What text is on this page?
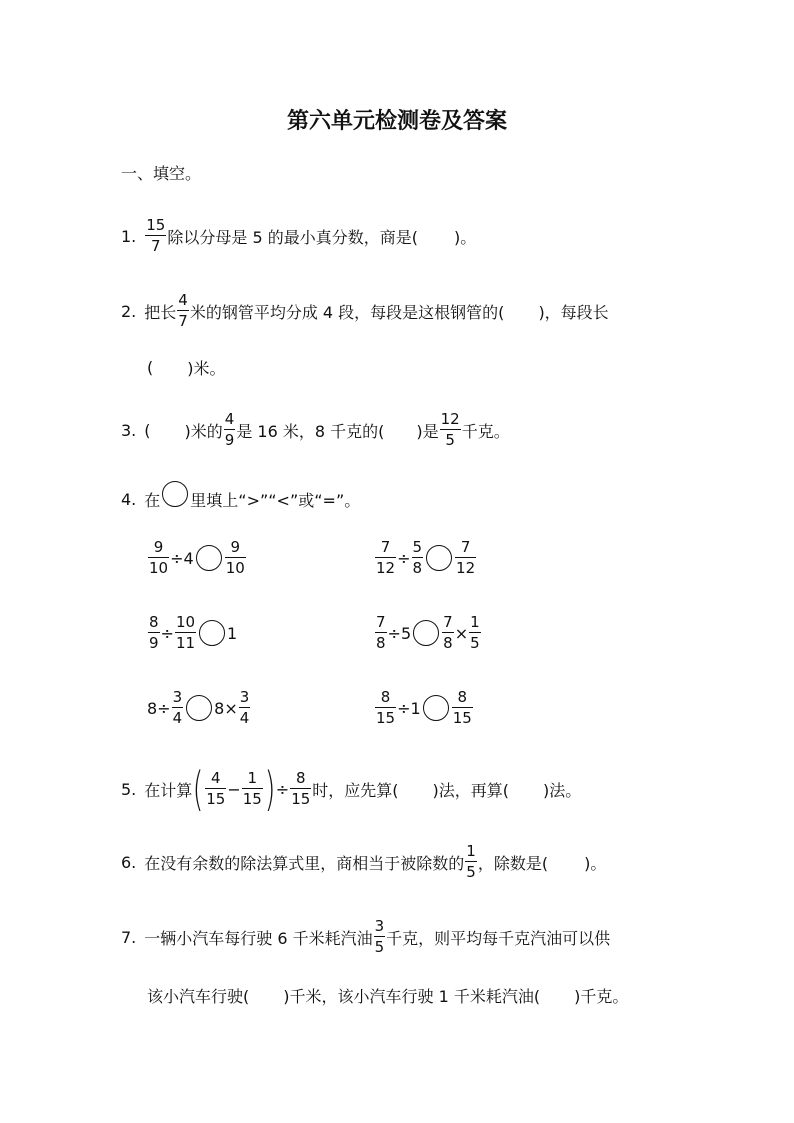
第六单元检测卷及答案
一、填空。
1. $\frac{15}{7}$ 除以分母是 5 的最小真分数，商是( )。
2. 把长 $\frac{4}{7}$ 米的钢管平均分成 4 段，每段是这根钢管的( )，每段长
( )米。
3. ( )米的 $\frac{4}{9}$ 是 16 米，8 千克的( )是 $\frac{12}{5}$ 千克。
4. 在 里填上“>”“<”或“=”。
$\frac{9}{10} \div 4 \frac{9}{10}$	$\frac{7}{12} \div \frac{5}{8} \frac{7}{12}$
$\frac{8}{9} \div \frac{10}{11} 1$	$\frac{7}{8} \div 5 \frac{7}{8} \times \frac{1}{5}$
$8\div \frac{3}{4} 8\times \frac{3}{4}$	$\frac{8}{15} \div 1 \frac{8}{15}$
5. 在计算 ( $\frac{4}{15} - \frac{1}{15}$ ) ÷ $\frac{8}{15}$ 时，应先算( )法，再算( )法。
6. 在没有余数的除法算式里，商相当于被除数的 $\frac{1}{5}$ ，除数是( )。
7. 一辆小汽车每行驶 6 千米耗汽油 $\frac{3}{5}$ 千克，则平均每千克汽油可以供
该小汽车行驶( )千米，该小汽车行驶 1 千米耗汽油( )千克。
